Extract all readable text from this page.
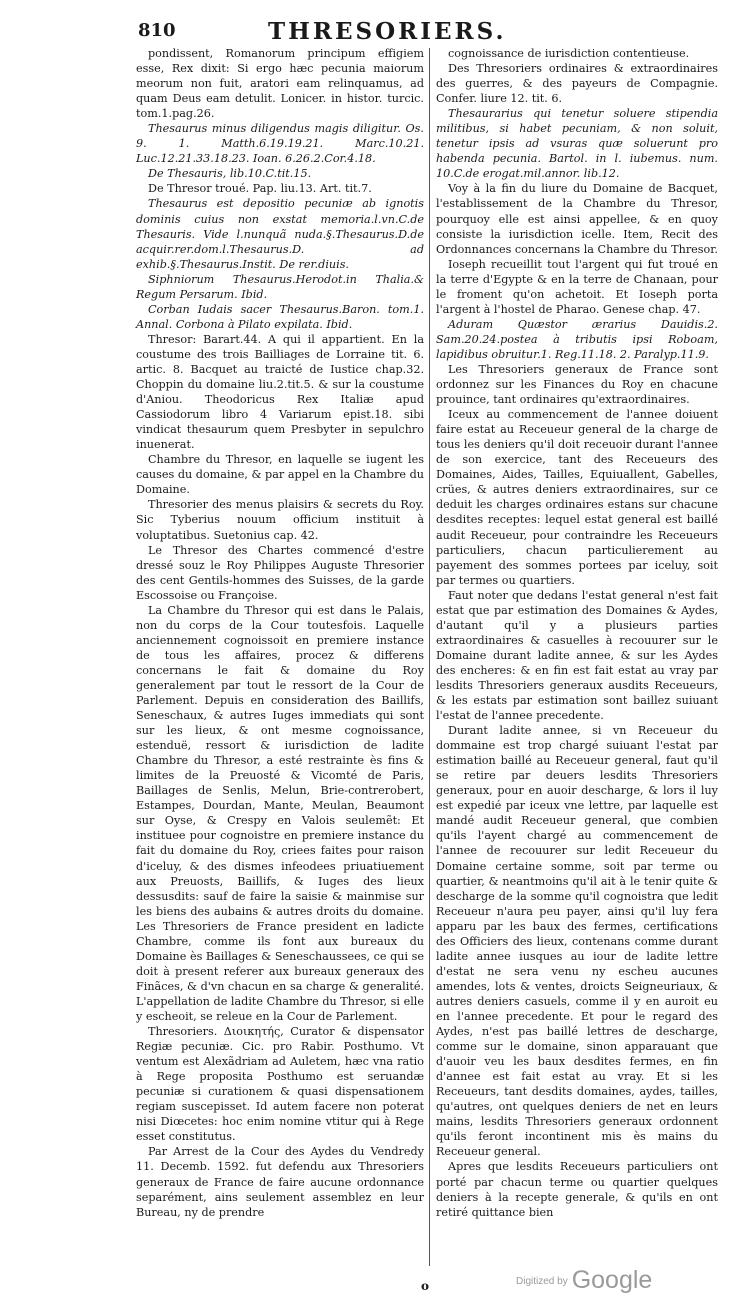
810	THRESORIERS.

pondissent, Romanorum principum effigiem esse, Rex dixit: Si ergo hæc pecunia maiorum meorum non fuit, aratori eam relinquamus, ad quam Deus eam detulit. Lonicer. in histor. turcic. tom.1.pag.26.

Thesaurus minus diligendus magis diligitur. Os. 9. 1. Matth.6.19.19.21. Marc.10.21. Luc.12.21.33.18.23. Ioan. 6.26.2.Cor.4.18.

De Thesauris, lib.10.C.tit.15.

De Thresor troué. Pap. liu.13. Art. tit.7.

Thesaurus est depositio pecuniæ ab ignotis dominis cuius non exstat memoria.l.vn.C.de Thesauris. Vide l.nunquã nuda.§.Thesaurus.D.de acquir.rer.dom.l.Thesaurus.D. ad exhib.§.Thesaurus.Instit. De rer.diuis.

Siphniorum Thesaurus.Herodot.in Thalia.& Regum Persarum. Ibid.

Corban Iudais sacer Thesaurus.Baron. tom.1. Annal. Corbona à Pilato expilata. Ibid.

Thresor: Barart.44. A qui il appartient. En la coustume des trois Bailliages de Lorraine tit. 6. artic. 8. Bacquet au traicté de Iustice chap.32. Choppin du domaine liu.2.tit.5. & sur la coustume d'Aniou. Theodoricus Rex Italiæ apud Cassiodorum libro 4 Variarum epist.18. sibi vindicat thesaurum quem Presbyter in sepulchro inuenerat.

Chambre du Thresor, en laquelle se iugent les causes du domaine, & par appel en la Chambre du Domaine.

Thresorier des menus plaisirs & secrets du Roy. Sic Tyberius nouum officium instituit à voluptatibus. Suetonius cap. 42.

Le Thresor des Chartes commencé d'estre dressé souz le Roy Philippes Auguste Thresorier des cent Gentils-hommes des Suisses, de la garde Escossoise ou Françoise.

La Chambre du Thresor qui est dans le Palais, non du corps de la Cour toutesfois. Laquelle anciennement cognoissoit en premiere instance de tous les affaires, procez & differens concernans le fait & domaine du Roy generalement par tout le ressort de la Cour de Parlement. Depuis en consideration des Baillifs, Seneschaux, & autres Iuges immediats qui sont sur les lieux, & ont mesme cognoissance, estenduë, ressort & iurisdiction de ladite Chambre du Thresor, a esté restrainte ès fins & limites de la Preuosté & Vicomté de Paris, Baillages de Senlis, Melun, Brie-contrerobert, Estampes, Dourdan, Mante, Meulan, Beaumont sur Oyse, & Crespy en Valois seulemẽt: Et instituee pour cognoistre en premiere instance du fait du domaine du Roy, criees faites pour raison d'iceluy, & des dismes infeodees priuatiuement aux Preuosts, Baillifs, & Iuges des lieux dessusdits: sauf de faire la saisie & mainmise sur les biens des aubains & autres droits du domaine. Les Thresoriers de France president en ladicte Chambre, comme ils font aux bureaux du Domaine ès Baillages & Seneschaussees, ce qui se doit à present referer aux bureaux generaux des Finãces, & d'vn chacun en sa charge & generalité. L'appellation de ladite Chambre du Thresor, si elle y escheoit, se releue en la Cour de Parlement.

Thresoriers. Διοικητής, Curator & dispensator Regiæ pecuniæ. Cic. pro Rabir. Posthumo. Vt ventum est Alexãdriam ad Auletem, hæc vna ratio à Rege proposita Posthumo est seruandæ pecuniæ si curationem & quasi dispensationem regiam suscepisset. Id autem facere non poterat nisi Diœcetes: hoc enim nomine vtitur qui à Rege esset constitutus.

Par Arrest de la Cour des Aydes du Vendredy 11. Decemb. 1592. fut defendu aux Thresoriers generaux de France de faire aucune ordonnance separément, ains seulement assemblez en leur Bureau, ny de prendre

cognoissance de iurisdiction contentieuse.

Des Thresoriers ordinaires & extraordinaires des guerres, & des payeurs de Compagnie. Confer. liure 12. tit. 6.

Thesaurarius qui tenetur soluere stipendia militibus, si habet pecuniam, & non soluit, tenetur ipsis ad vsuras quæ soluerunt pro habenda pecunia. Bartol. in l. iubemus. num. 10.C.de erogat.mil.annor. lib.12.

Voy à la fin du liure du Domaine de Bacquet, l'establissement de la Chambre du Thresor, pourquoy elle est ainsi appellee, & en quoy consiste la iurisdiction icelle. Item, Recit des Ordonnances concernans la Chambre du Thresor.

Ioseph recueillit tout l'argent qui fut troué en la terre d'Egypte & en la terre de Chanaan, pour le froment qu'on achetoit. Et Ioseph porta l'argent à l'hostel de Pharao. Genese chap. 47.

Aduram Quæstor ærarius Dauidis.2. Sam.20.24.postea à tributis ipsi Roboam, lapidibus obruitur.1. Reg.11.18. 2. Paralyp.11.9.

Les Thresoriers generaux de France sont ordonnez sur les Finances du Roy en chacune prouince, tant ordinaires qu'extraordinaires.

Iceux au commencement de l'annee doiuent faire estat au Receueur general de la charge de tous les deniers qu'il doit receuoir durant l'annee de son exercice, tant des Receueurs des Domaines, Aides, Tailles, Equiuallent, Gabelles, crües, & autres deniers extraordinaires, sur ce deduit les charges ordinaires estans sur chacune desdites receptes: lequel estat general est baillé audit Receueur, pour contraindre les Receueurs particuliers, chacun particulierement au payement des sommes portees par iceluy, soit par termes ou quartiers.

Faut noter que dedans l'estat general n'est fait estat que par estimation des Domaines & Aydes, d'autant qu'il y a plusieurs parties extraordinaires & casuelles à recouurer sur le Domaine durant ladite annee, & sur les Aydes des encheres: & en fin est fait estat au vray par lesdits Thresoriers generaux ausdits Receueurs, & les estats par estimation sont baillez suiuant l'estat de l'annee precedente.

Durant ladite annee, si vn Receueur du dommaine est trop chargé suiuant l'estat par estimation baillé au Receueur general, faut qu'il se retire par deuers lesdits Thresoriers generaux, pour en auoir descharge, & lors il luy est expedié par iceux vne lettre, par laquelle est mandé audit Receueur general, que combien qu'ils l'ayent chargé au commencement de l'annee de recouurer sur ledit Receueur du Domaine certaine somme, soit par terme ou quartier, & neantmoins qu'il ait à le tenir quite & descharge de la somme qu'il cognoistra que ledit Receueur n'aura peu payer, ainsi qu'il luy fera apparu par les baux des fermes, certifications des Officiers des lieux, contenans comme durant ladite annee iusques au iour de ladite lettre d'estat ne sera venu ny escheu aucunes amendes, lots & ventes, droicts Seigneuriaux, & autres deniers casuels, comme il y en auroit eu en l'annee precedente. Et pour le regard des Aydes, n'est pas baillé lettres de descharge, comme sur le domaine, sinon apparauant que d'auoir veu les baux desdites fermes, en fin d'annee est fait estat au vray. Et si les Receueurs, tant desdits domaines, aydes, tailles, qu'autres, ont quelques deniers de net en leurs mains, lesdits Thresoriers generaux ordonnent qu'ils feront incontinent mis ès mains du Receueur general.

Apres que lesdits Receueurs particuliers ont porté par chacun terme ou quartier quelques deniers à la recepte generale, & qu'ils en ont retiré quittance bien

o	$^{Digitized by}$ Google
